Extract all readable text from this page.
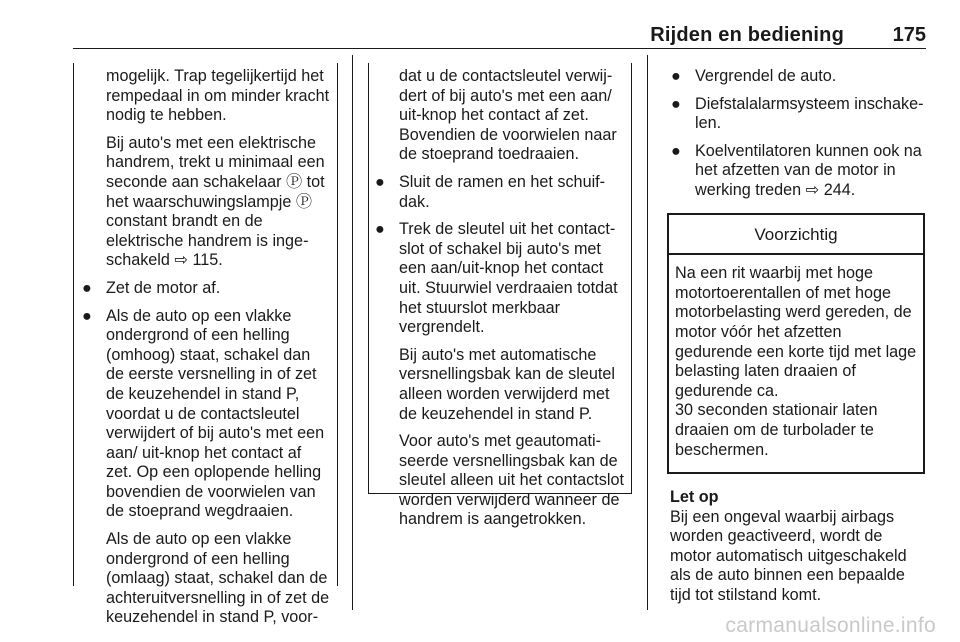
Rijden en bediening 175

mogelijk. Trap tegelijkertijd het rempedaal in om minder kracht nodig te hebben.

Bij auto's met een elektrische handrem, trekt u minimaal een seconde aan schakelaar Ⓟ tot het waarschuwingslampje Ⓟ constant brandt en de elektrische handrem is ingeschakeld ⇨ 115.

● Zet de motor af.
● Als de auto op een vlakke ondergrond of een helling (omhoog) staat, schakel dan de eerste versnelling in of zet de keuzehendel in stand P, voordat u de contactsleutel verwijdert of bij auto's met een aan/ uit-knop het contact af zet. Op een oplopende helling bovendien de voorwielen van de stoeprand wegdraaien.

Als de auto op een vlakke ondergrond of een helling (omlaag) staat, schakel dan de achteruitversnelling in of zet de keuzehendel in stand P, voor-

dat u de contactsleutel verwijdert of bij auto's met een aan/ uit-knop het contact af zet. Bovendien de voorwielen naar de stoeprand toedraaien.

● Sluit de ramen en het schuifdak.
● Trek de sleutel uit het contactslot of schakel bij auto's met een aan/uit-knop het contact uit. Stuurwiel verdraaien totdat het stuurslot merkbaar vergrendelt.

Bij auto's met automatische versnellingsbak kan de sleutel alleen worden verwijderd met de keuzehendel in stand P.

Voor auto's met geautomatiseerde versnellingsbak kan de sleutel alleen uit het contactslot worden verwijderd wanneer de handrem is aangetrokken.

● Vergrendel de auto.
● Diefstalalarmsysteem inschakelen.
● Koelventilatoren kunnen ook na het afzetten van de motor in werking treden ⇨ 244.
Voorzichtig
Na een rit waarbij met hoge motortoerentallen of met hoge motorbelasting werd gereden, de motor vóór het afzetten gedurende een korte tijd met lage belasting laten draaien of gedurende ca.
30 seconden stationair laten draaien om de turbolader te beschermen.
Let op
Bij een ongeval waarbij airbags worden geactiveerd, wordt de motor automatisch uitgeschakeld als de auto binnen een bepaalde tijd tot stilstand komt.
carmanualsonline.info
